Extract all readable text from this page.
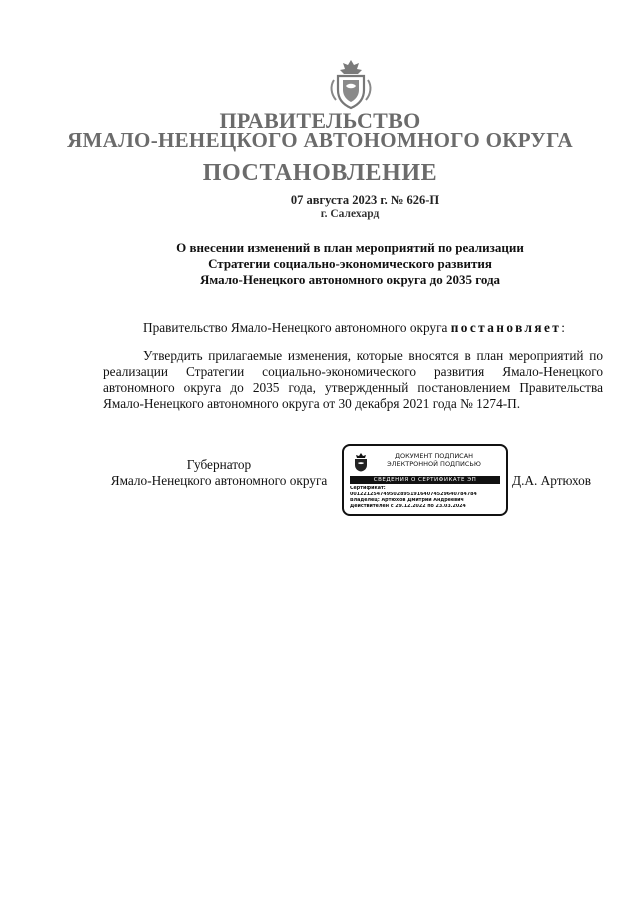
ПРАВИТЕЛЬСТВО
ЯМАЛО-НЕНЕЦКОГО АВТОНОМНОГО ОКРУГА
ПОСТАНОВЛЕНИЕ
07 августа 2023 г. № 626-П
г. Салехард
О внесении изменений в план мероприятий по реализации
Стратегии социально-экономического развития
Ямало-Ненецкого автономного округа до 2035 года
Правительство Ямало-Ненецкого автономного округа постановляет:
Утвердить прилагаемые изменения, которые вносятся в план мероприятий по реализации Стратегии социально-экономического развития Ямало-Ненецкого автономного округа до 2035 года, утвержденный постановлением Правительства Ямало-Ненецкого автономного округа от 30 декабря 2021 года № 1274-П.
Губернатор
Ямало-Ненецкого автономного округа
ДОКУМЕНТ ПОДПИСАН
ЭЛЕКТРОННОЙ ПОДПИСЬЮ
СВЕДЕНИЯ О СЕРТИФИКАТЕ ЭП
Сертификат:
00122125474950289519164074529640784784
Владелец: Артюхов Дмитрий Андреевич
Действителен с 29.12.2022 по 23.03.2024
Д.А. Артюхов
